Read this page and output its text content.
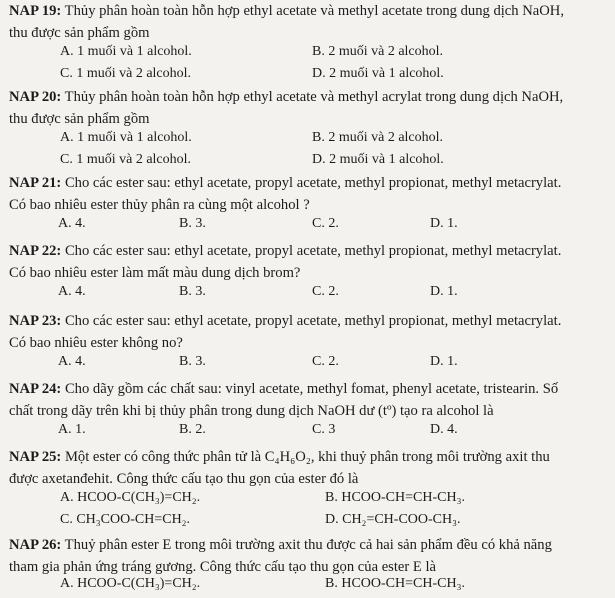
NAP 19: Thủy phân hoàn toàn hỗn hợp ethyl acetate và methyl acetate trong dung dịch NaOH,
thu được sản phẩm gồm
A. 1 muối và 1 alcohol.	B. 2 muối và 2 alcohol.
C. 1 muối và 2 alcohol.	D. 2 muối và 1 alcohol.
NAP 20: Thủy phân hoàn toàn hỗn hợp ethyl acetate và methyl acrylat trong dung dịch NaOH,
thu được sản phẩm gồm
A. 1 muối và 1 alcohol.	B. 2 muối và 2 alcohol.
C. 1 muối và 2 alcohol.	D. 2 muối và 1 alcohol.
NAP 21: Cho các ester sau: ethyl acetate, propyl acetate, methyl propionat, methyl metacrylat.
Có bao nhiêu ester thủy phân ra cùng một alcohol ?
A. 4.	B. 3.	C. 2.	D. 1.
NAP 22: Cho các ester sau: ethyl acetate, propyl acetate, methyl propionat, methyl metacrylat.
Có bao nhiêu ester làm mất màu dung dịch brom?
A. 4.	B. 3.	C. 2.	D. 1.
NAP 23: Cho các ester sau: ethyl acetate, propyl acetate, methyl propionat, methyl metacrylat.
Có bao nhiêu ester không no?
A. 4.	B. 3.	C. 2.	D. 1.
NAP 24: Cho dãy gồm các chất sau: vinyl acetate, methyl fomat, phenyl acetate, tristearin. Số
chất trong dãy trên khi bị thủy phân trong dung dịch NaOH dư (tº) tạo ra alcohol là
A. 1.	B. 2.	C. 3	D. 4.
NAP 25: Một ester có công thức phân tử là C₄H₆O₂, khi thuỷ phân trong môi trường axit thu
được axetanđehit. Công thức cấu tạo thu gọn của ester đó là
A. HCOO-C(CH₃)=CH₂.	B. HCOO-CH=CH-CH₃.
C. CH₃COO-CH=CH₂.	D. CH₂=CH-COO-CH₃.
NAP 26: Thuỷ phân ester E trong môi trường axit thu được cả hai sản phẩm đều có khả năng
tham gia phản ứng tráng gương. Công thức cấu tạo thu gọn của ester E là
A. HCOO-C(CH₃)=CH₂.	B. HCOO-CH=CH-CH₃.
